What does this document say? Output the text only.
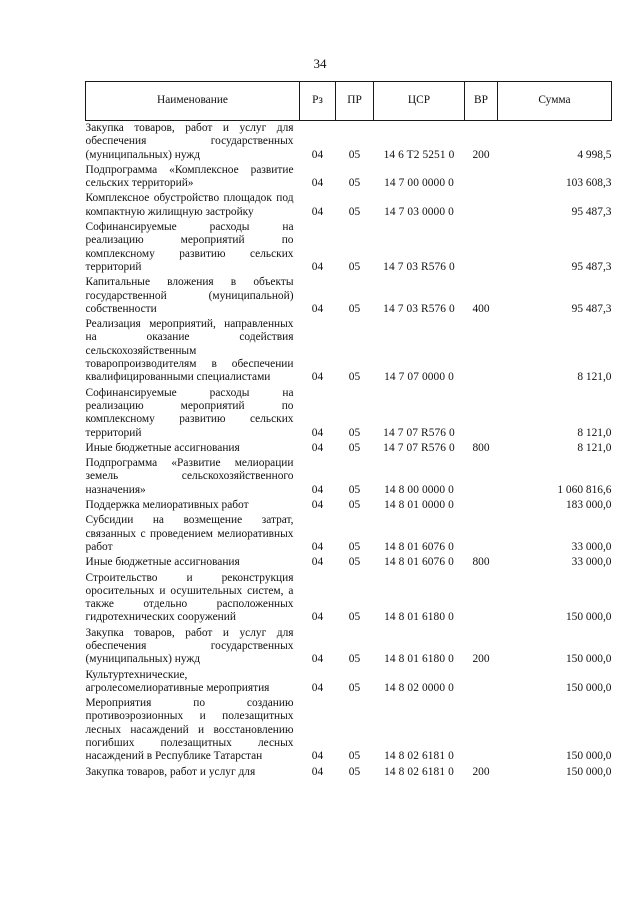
34
Наименование	Рз	ПР	ЦСР	ВР	Сумма
Закупка товаров, работ и услуг для обеспечения государственных (муниципальных) нужд	04	05	14 6 T2 5251 0	200	4 998,5
Подпрограмма «Комплексное развитие сельских территорий»	04	05	14 7 00 0000 0		103 608,3
Комплексное обустройство площадок под компактную жилищную застройку	04	05	14 7 03 0000 0		95 487,3
Софинансируемые расходы на реализацию мероприятий по комплексному развитию сельских территорий	04	05	14 7 03 R576 0		95 487,3
Капитальные вложения в объекты государственной (муниципальной) собственности	04	05	14 7 03 R576 0	400	95 487,3
Реализация мероприятий, направленных на оказание содействия сельскохозяйственным товаропроизводителям в обеспечении квалифицированными специалистами	04	05	14 7 07 0000 0		8 121,0
Софинансируемые расходы на реализацию мероприятий по комплексному развитию сельских территорий	04	05	14 7 07 R576 0		8 121,0
Иные бюджетные ассигнования	04	05	14 7 07 R576 0	800	8 121,0
Подпрограмма «Развитие мелиорации земель сельскохозяйственного назначения»	04	05	14 8 00 0000 0		1 060 816,6
Поддержка мелиоративных работ	04	05	14 8 01 0000 0		183 000,0
Субсидии на возмещение затрат, связанных с проведением мелиоративных работ	04	05	14 8 01 6076 0		33 000,0
Иные бюджетные ассигнования	04	05	14 8 01 6076 0	800	33 000,0
Строительство и реконструкция оросительных и осушительных систем, а также отдельно расположенных гидротехнических сооружений	04	05	14 8 01 6180 0		150 000,0
Закупка товаров, работ и услуг для обеспечения государственных (муниципальных) нужд	04	05	14 8 01 6180 0	200	150 000,0
Культуртехнические, агролесомелиоративные мероприятия	04	05	14 8 02 0000 0		150 000,0
Мероприятия по созданию противоэрозионных и полезащитных лесных насаждений и восстановлению погибших полезащитных лесных насаждений в Республике Татарстан	04	05	14 8 02 6181 0		150 000,0
Закупка товаров, работ и услуг для	04	05	14 8 02 6181 0	200	150 000,0
